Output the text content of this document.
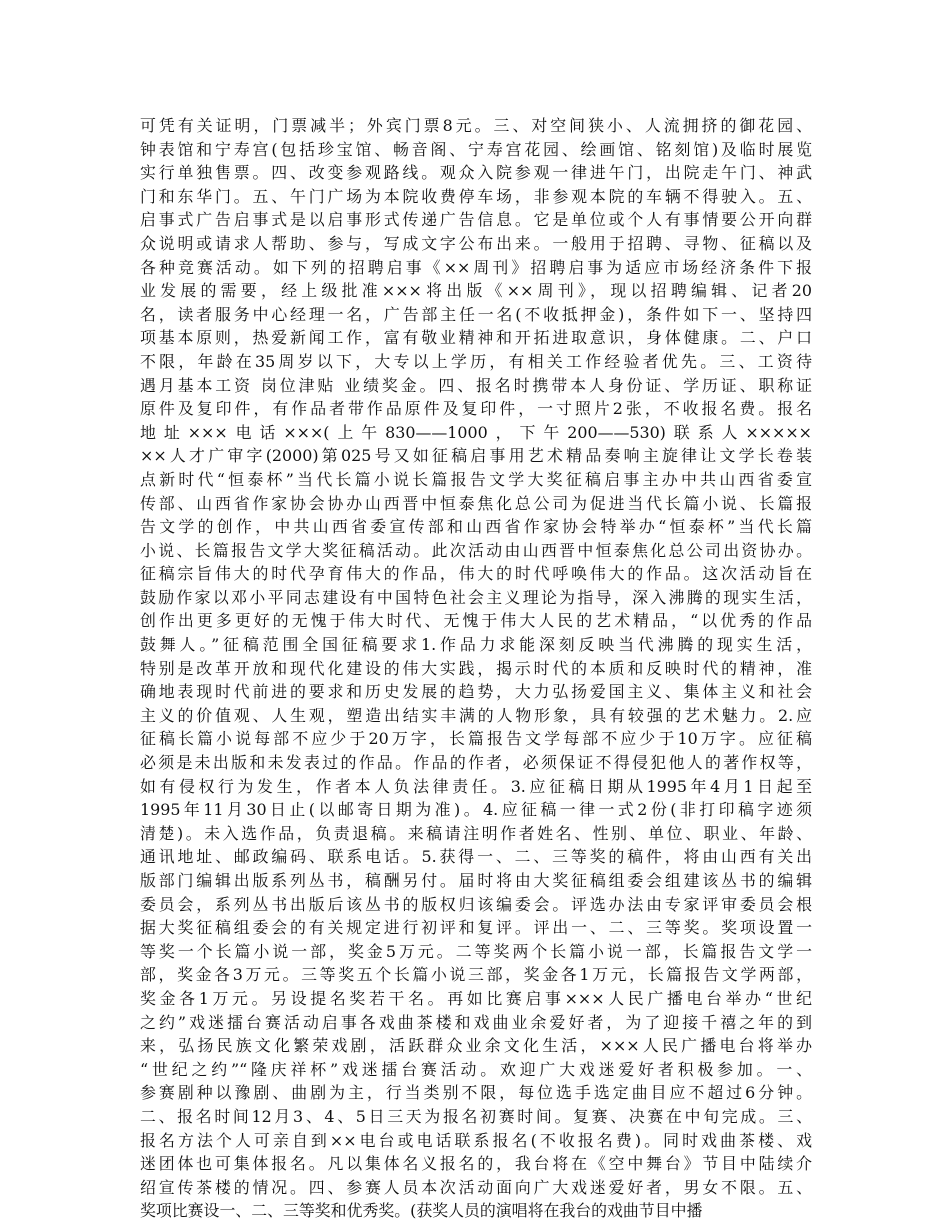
可凭有关证明，门票减半；外宾门票8元。三、对空间狭小、人流拥挤的御花园、
钟表馆和宁寿宫(包括珍宝馆、畅音阁、宁寿宫花园、绘画馆、铭刻馆)及临时展览
实行单独售票。四、改变参观路线。观众入院参观一律进午门，出院走午门、神武
门和东华门。五、午门广场为本院收费停车场，非参观本院的车辆不得驶入。五、
启事式广告启事式是以启事形式传递广告信息。它是单位或个人有事情要公开向群
众说明或请求人帮助、参与，写成文字公布出来。一般用于招聘、寻物、征稿以及
各种竞赛活动。如下列的招聘启事《××周刊》招聘启事为适应市场经济条件下报
业发展的需要，经上级批准×××将出版《××周刊》，现以招聘编辑、记者20
名，读者服务中心经理一名，广告部主任一名(不收抵押金)，条件如下一、坚持四
项基本原则，热爱新闻工作，富有敬业精神和开拓进取意识，身体健康。二、户口
不限，年龄在35周岁以下，大专以上学历，有相关工作经验者优先。三、工资待
遇月基本工资 岗位津贴 业绩奖金。四、报名时携带本人身份证、学历证、职称证
原件及复印件，有作品者带作品原件及复印件，一寸照片2张，不收报名费。报名
地址×××电话×××(上午830——1000，下午200——530)联系人×××××
××人才广审字(2000)第025号又如征稿启事用艺术精品奏响主旋律让文学长卷装
点新时代“恒泰杯”当代长篇小说长篇报告文学大奖征稿启事主办中共山西省委宣
传部、山西省作家协会协办山西晋中恒泰焦化总公司为促进当代长篇小说、长篇报
告文学的创作，中共山西省委宣传部和山西省作家协会特举办“恒泰杯”当代长篇
小说、长篇报告文学大奖征稿活动。此次活动由山西晋中恒泰焦化总公司出资协办。
征稿宗旨伟大的时代孕育伟大的作品，伟大的时代呼唤伟大的作品。这次活动旨在
鼓励作家以邓小平同志建设有中国特色社会主义理论为指导，深入沸腾的现实生活，
创作出更多更好的无愧于伟大时代、无愧于伟大人民的艺术精品，“以优秀的作品
鼓舞人。”征稿范围全国征稿要求1.作品力求能深刻反映当代沸腾的现实生活，
特别是改革开放和现代化建设的伟大实践，揭示时代的本质和反映时代的精神，准
确地表现时代前进的要求和历史发展的趋势，大力弘扬爱国主义、集体主义和社会
主义的价值观、人生观，塑造出结实丰满的人物形象，具有较强的艺术魅力。2.应
征稿长篇小说每部不应少于20万字，长篇报告文学每部不应少于10万字。应征稿
必须是未出版和未发表过的作品。作品的作者，必须保证不得侵犯他人的著作权等，
如有侵权行为发生，作者本人负法律责任。3.应征稿日期从1995年4月1日起至
1995年11月30日止(以邮寄日期为准)。4.应征稿一律一式2份(非打印稿字迹须
清楚)。未入选作品，负责退稿。来稿请注明作者姓名、性别、单位、职业、年龄、
通讯地址、邮政编码、联系电话。5.获得一、二、三等奖的稿件，将由山西有关出
版部门编辑出版系列丛书，稿酬另付。届时将由大奖征稿组委会组建该丛书的编辑
委员会，系列丛书出版后该丛书的版权归该编委会。评选办法由专家评审委员会根
据大奖征稿组委会的有关规定进行初评和复评。评出一、二、三等奖。奖项设置一
等奖一个长篇小说一部，奖金5万元。二等奖两个长篇小说一部，长篇报告文学一
部，奖金各3万元。三等奖五个长篇小说三部，奖金各1万元，长篇报告文学两部，
奖金各1万元。另设提名奖若干名。再如比赛启事×××人民广播电台举办“世纪
之约”戏迷擂台赛活动启事各戏曲茶楼和戏曲业余爱好者，为了迎接千禧之年的到
来，弘扬民族文化繁荣戏剧，活跃群众业余文化生活，×××人民广播电台将举办
“世纪之约”“隆庆祥杯”戏迷擂台赛活动。欢迎广大戏迷爱好者积极参加。一、
参赛剧种以豫剧、曲剧为主，行当类别不限，每位选手选定曲目应不超过6分钟。
二、报名时间12月3、4、5日三天为报名初赛时间。复赛、决赛在中旬完成。三、
报名方法个人可亲自到××电台或电话联系报名(不收报名费)。同时戏曲茶楼、戏
迷团体也可集体报名。凡以集体名义报名的，我台将在《空中舞台》节目中陆续介
绍宣传茶楼的情况。四、参赛人员本次活动面向广大戏迷爱好者，男女不限。五、
奖项比赛设一、二、三等奖和优秀奖。(获奖人员的演唱将在我台的戏曲节目中播
